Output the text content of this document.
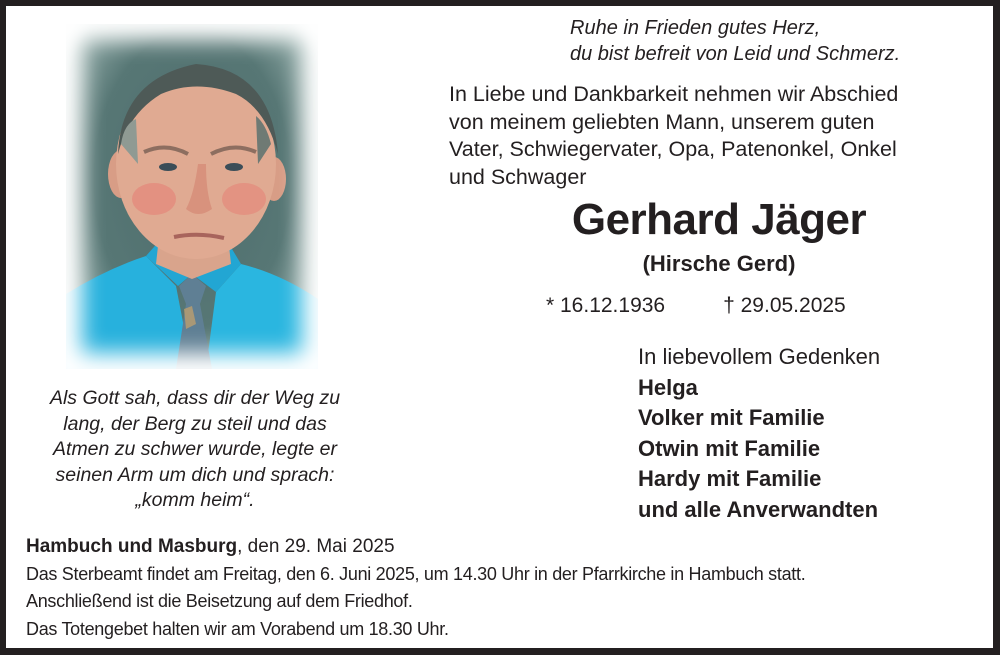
Als Gott sah, dass dir der Weg zu
lang, der Berg zu steil und das
Atmen zu schwer wurde, legte er
seinen Arm um dich und sprach:
„komm heim“.
Ruhe in Frieden gutes Herz,
du bist befreit von Leid und Schmerz.
In Liebe und Dankbarkeit nehmen wir Abschied
von meinem geliebten Mann, unserem guten
Vater, Schwiegervater, Opa, Patenonkel, Onkel
und Schwager
Gerhard Jäger
(Hirsche Gerd)
* 16.12.1936	† 29.05.2025
In liebevollem Gedenken
Helga
Volker mit Familie
Otwin mit Familie
Hardy mit Familie
und alle Anverwandten
Hambuch und Masburg, den 29. Mai 2025
Das Sterbeamt findet am Freitag, den 6. Juni 2025, um 14.30 Uhr in der Pfarrkirche in Hambuch statt.
Anschließend ist die Beisetzung auf dem Friedhof.
Das Totengebet halten wir am Vorabend um 18.30 Uhr.
